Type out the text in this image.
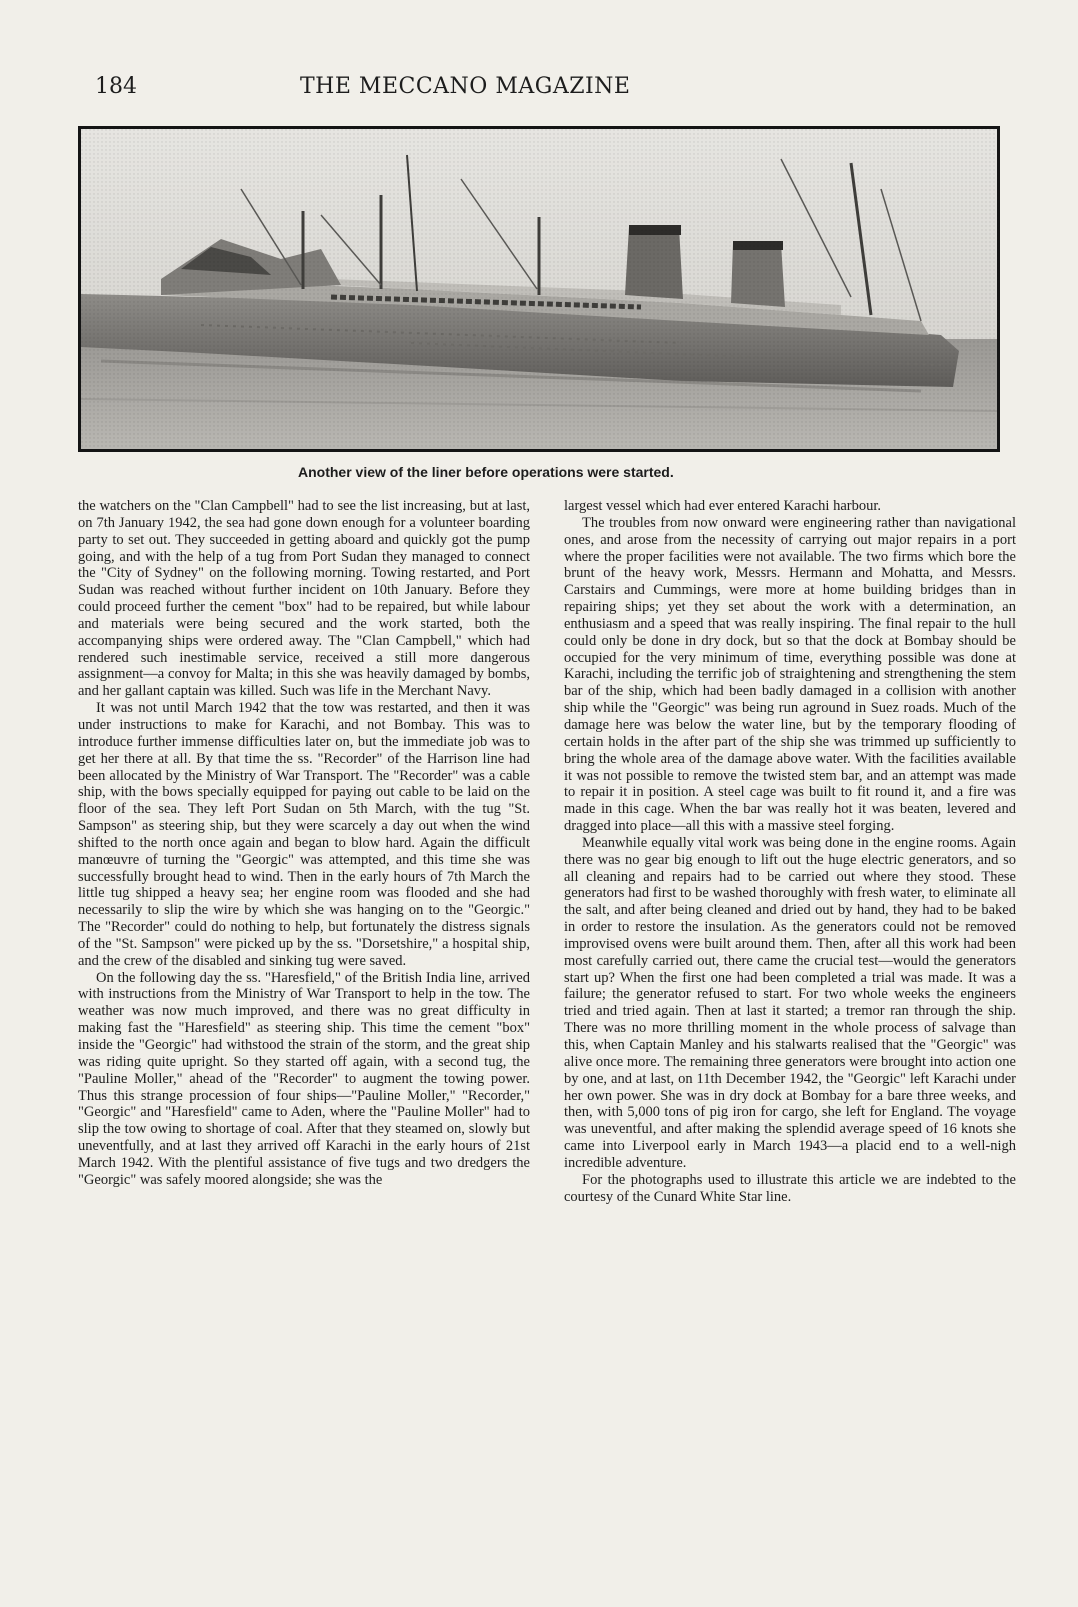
184	THE MECCANO MAGAZINE
Another view of the liner before operations were started.

the watchers on the "Clan Campbell" had to see the list increasing, but at last, on 7th January 1942, the sea had gone down enough for a volunteer boarding party to set out. They succeeded in getting aboard and quickly got the pump going, and with the help of a tug from Port Sudan they managed to connect the "City of Sydney" on the following morning. Towing restarted, and Port Sudan was reached without further incident on 10th January. Before they could proceed further the cement "box" had to be repaired, but while labour and materials were being secured and the work started, both the accompanying ships were ordered away. The "Clan Campbell," which had rendered such inestimable service, received a still more dangerous assignment—a convoy for Malta; in this she was heavily damaged by bombs, and her gallant captain was killed. Such was life in the Merchant Navy.

It was not until March 1942 that the tow was restarted, and then it was under instructions to make for Karachi, and not Bombay. This was to introduce further immense difficulties later on, but the immediate job was to get her there at all. By that time the ss. "Recorder" of the Harrison line had been allocated by the Ministry of War Transport. The "Recorder" was a cable ship, with the bows specially equipped for paying out cable to be laid on the floor of the sea. They left Port Sudan on 5th March, with the tug "St. Sampson" as steering ship, but they were scarcely a day out when the wind shifted to the north once again and began to blow hard. Again the difficult manœuvre of turning the "Georgic" was attempted, and this time she was successfully brought head to wind. Then in the early hours of 7th March the little tug shipped a heavy sea; her engine room was flooded and she had necessarily to slip the wire by which she was hanging on to the "Georgic." The "Recorder" could do nothing to help, but fortunately the distress signals of the "St. Sampson" were picked up by the ss. "Dorsetshire," a hospital ship, and the crew of the disabled and sinking tug were saved.

On the following day the ss. "Haresfield," of the British India line, arrived with instructions from the Ministry of War Transport to help in the tow. The weather was now much improved, and there was no great difficulty in making fast the "Haresfield" as steering ship. This time the cement "box" inside the "Georgic" had withstood the strain of the storm, and the great ship was riding quite upright. So they started off again, with a second tug, the "Pauline Moller," ahead of the "Recorder" to augment the towing power. Thus this strange procession of four ships—"Pauline Moller," "Recorder," "Georgic" and "Haresfield" came to Aden, where the "Pauline Moller" had to slip the tow owing to shortage of coal. After that they steamed on, slowly but uneventfully, and at last they arrived off Karachi in the early hours of 21st March 1942. With the plentiful assistance of five tugs and two dredgers the "Georgic" was safely moored alongside; she was the

largest vessel which had ever entered Karachi harbour.

The troubles from now onward were engineering rather than navigational ones, and arose from the necessity of carrying out major repairs in a port where the proper facilities were not available. The two firms which bore the brunt of the heavy work, Messrs. Hermann and Mohatta, and Messrs. Carstairs and Cummings, were more at home building bridges than in repairing ships; yet they set about the work with a determination, an enthusiasm and a speed that was really inspiring. The final repair to the hull could only be done in dry dock, but so that the dock at Bombay should be occupied for the very minimum of time, everything possible was done at Karachi, including the terrific job of straightening and strengthening the stem bar of the ship, which had been badly damaged in a collision with another ship while the "Georgic" was being run aground in Suez roads. Much of the damage here was below the water line, but by the temporary flooding of certain holds in the after part of the ship she was trimmed up sufficiently to bring the whole area of the damage above water. With the facilities available it was not possible to remove the twisted stem bar, and an attempt was made to repair it in position. A steel cage was built to fit round it, and a fire was made in this cage. When the bar was really hot it was beaten, levered and dragged into place—all this with a massive steel forging.

Meanwhile equally vital work was being done in the engine rooms. Again there was no gear big enough to lift out the huge electric generators, and so all cleaning and repairs had to be carried out where they stood. These generators had first to be washed thoroughly with fresh water, to eliminate all the salt, and after being cleaned and dried out by hand, they had to be baked in order to restore the insulation. As the generators could not be removed improvised ovens were built around them. Then, after all this work had been most carefully carried out, there came the crucial test—would the generators start up? When the first one had been completed a trial was made. It was a failure; the generator refused to start. For two whole weeks the engineers tried and tried again. Then at last it started; a tremor ran through the ship. There was no more thrilling moment in the whole process of salvage than this, when Captain Manley and his stalwarts realised that the "Georgic" was alive once more. The remaining three generators were brought into action one by one, and at last, on 11th December 1942, the "Georgic" left Karachi under her own power. She was in dry dock at Bombay for a bare three weeks, and then, with 5,000 tons of pig iron for cargo, she left for England. The voyage was uneventful, and after making the splendid average speed of 16 knots she came into Liverpool early in March 1943—a placid end to a well-nigh incredible adventure.

For the photographs used to illustrate this article we are indebted to the courtesy of the Cunard White Star line.
